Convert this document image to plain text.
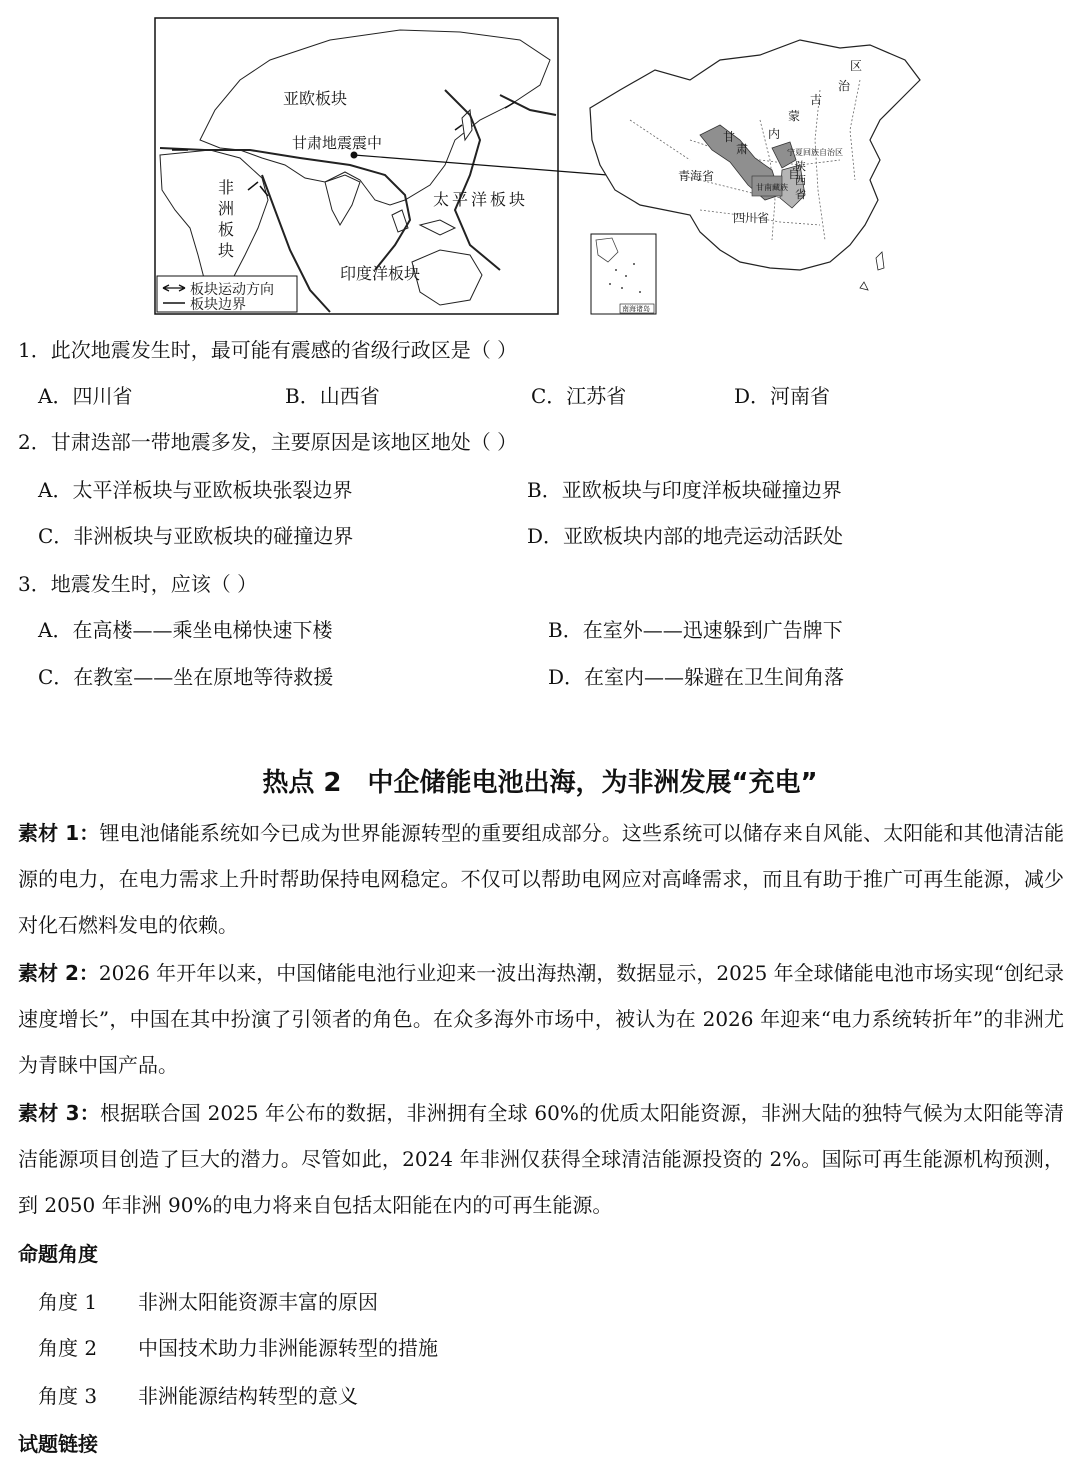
板块运动方向
板块边界
亚欧板块
甘肃地震震中
非
洲
板
块
太平洋板块
印度洋板块
甘
肃
青海省
四川省
内
蒙
古
自
治
区
宁夏回族自治区
陕
西
省
甘南藏族
南海诸岛
1．此次地震发生时，最可能有震感的省级行政区是（ ）
A．四川省	B．山西省	C．江苏省	D．河南省
2．甘肃迭部一带地震多发，主要原因是该地区地处（ ）
A．太平洋板块与亚欧板块张裂边界	B．亚欧板块与印度洋板块碰撞边界
C．非洲板块与亚欧板块的碰撞边界	D．亚欧板块内部的地壳运动活跃处
3．地震发生时，应该（ ）
A．在高楼——乘坐电梯快速下楼	B．在室外——迅速躲到广告牌下
C．在教室——坐在原地等待救援	D．在室内——躲避在卫生间角落
热点 2　中企储能电池出海，为非洲发展“充电”
素材 1：锂电池储能系统如今已成为世界能源转型的重要组成部分。这些系统可以储存来自风能、太阳能和其他清洁能源的电力，在电力需求上升时帮助保持电网稳定。不仅可以帮助电网应对高峰需求，而且有助于推广可再生能源，减少对化石燃料发电的依赖。
素材 2：2026 年开年以来，中国储能电池行业迎来一波出海热潮，数据显示，2025 年全球储能电池市场实现“创纪录速度增长”，中国在其中扮演了引领者的角色。在众多海外市场中，被认为在 2026 年迎来“电力系统转折年”的非洲尤为青睐中国产品。
素材 3：根据联合国 2025 年公布的数据，非洲拥有全球 60%的优质太阳能资源，非洲大陆的独特气候为太阳能等清洁能源项目创造了巨大的潜力。尽管如此，2024 年非洲仅获得全球清洁能源投资的 2%。国际可再生能源机构预测，到 2050 年非洲 90%的电力将来自包括太阳能在内的可再生能源。
命题角度
角度 1 非洲太阳能资源丰富的原因
角度 2 中国技术助力非洲能源转型的措施
角度 3 非洲能源结构转型的意义
试题链接
